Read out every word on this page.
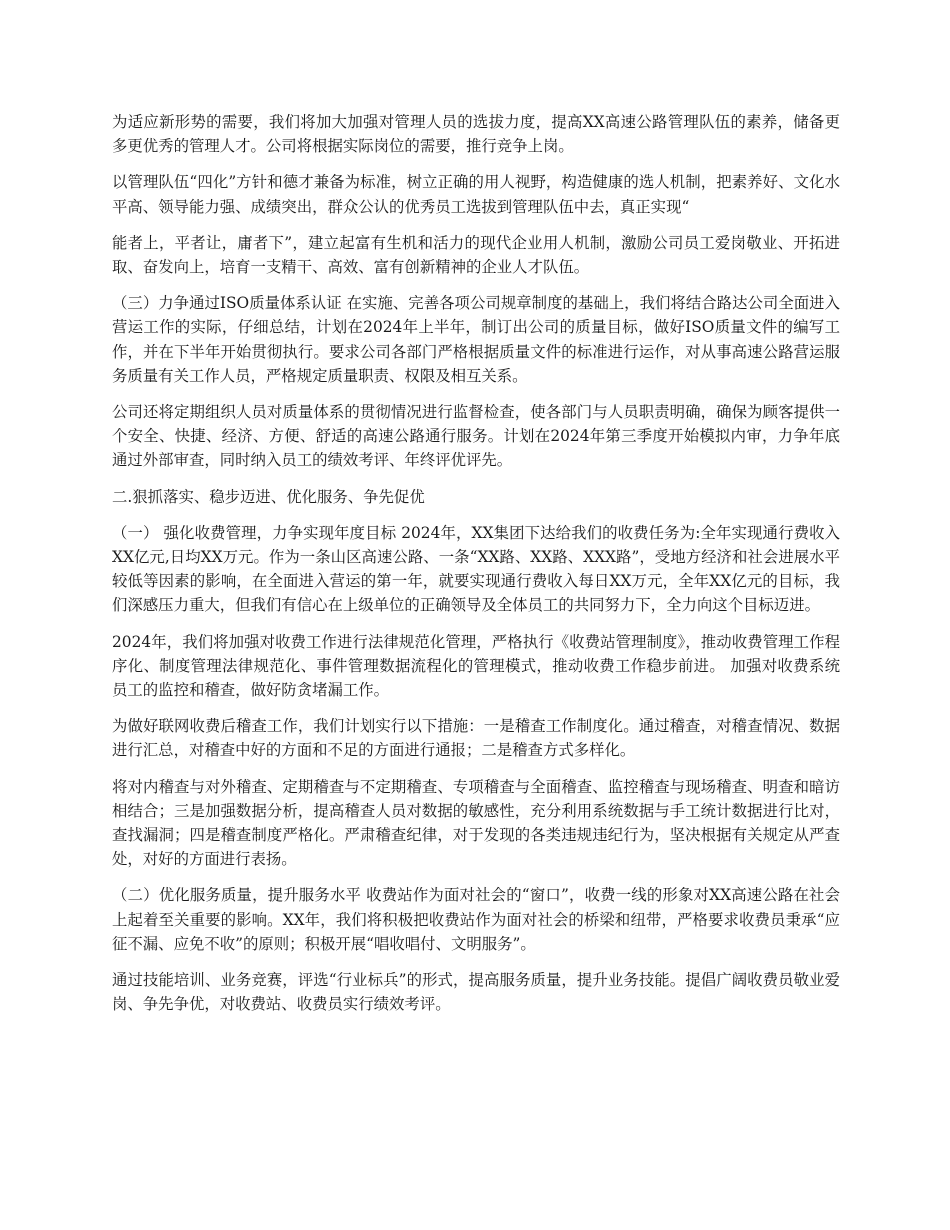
为适应新形势的需要，我们将加大加强对管理人员的选拔力度，提高XX高速公路管理队伍的素养，储备更多更优秀的管理人才。公司将根据实际岗位的需要，推行竞争上岗。

以管理队伍“四化”方针和德才兼备为标准，树立正确的用人视野，构造健康的选人机制，把素养好、文化水平高、领导能力强、成绩突出，群众公认的优秀员工选拔到管理队伍中去，真正实现“

能者上，平者让，庸者下”，建立起富有生机和活力的现代企业用人机制，激励公司员工爱岗敬业、开拓进取、奋发向上，培育一支精干、高效、富有创新精神的企业人才队伍。

（三）力争通过ISO质量体系认证 在实施、完善各项公司规章制度的基础上，我们将结合路达公司全面进入营运工作的实际，仔细总结，计划在2024年上半年，制订出公司的质量目标，做好ISO质量文件的编写工作，并在下半年开始贯彻执行。要求公司各部门严格根据质量文件的标准进行运作，对从事高速公路营运服务质量有关工作人员，严格规定质量职责、权限及相互关系。

公司还将定期组织人员对质量体系的贯彻情况进行监督检查，使各部门与人员职责明确，确保为顾客提供一个安全、快捷、经济、方便、舒适的高速公路通行服务。计划在2024年第三季度开始模拟内审，力争年底通过外部审查，同时纳入员工的绩效考评、年终评优评先。

二.狠抓落实、稳步迈进、优化服务、争先促优

（一） 强化收费管理，力争实现年度目标 2024年，XX集团下达给我们的收费任务为:全年实现通行费收入XX亿元,日均XX万元。作为一条山区高速公路、一条“XX路、XX路、XXX路”，受地方经济和社会进展水平较低等因素的影响，在全面进入营运的第一年，就要实现通行费收入每日XX万元，全年XX亿元的目标，我们深感压力重大，但我们有信心在上级单位的正确领导及全体员工的共同努力下，全力向这个目标迈进。

2024年，我们将加强对收费工作进行法律规范化管理，严格执行《收费站管理制度》，推动收费管理工作程序化、制度管理法律规范化、事件管理数据流程化的管理模式，推动收费工作稳步前进。 加强对收费系统员工的监控和稽查，做好防贪堵漏工作。

为做好联网收费后稽查工作，我们计划实行以下措施：一是稽查工作制度化。通过稽查，对稽查情况、数据进行汇总，对稽查中好的方面和不足的方面进行通报；二是稽查方式多样化。

将对内稽查与对外稽查、定期稽查与不定期稽查、专项稽查与全面稽查、监控稽查与现场稽查、明查和暗访相结合；三是加强数据分析，提高稽查人员对数据的敏感性，充分利用系统数据与手工统计数据进行比对，查找漏洞；四是稽查制度严格化。严肃稽查纪律，对于发现的各类违规违纪行为，坚决根据有关规定从严查处，对好的方面进行表扬。

（二）优化服务质量，提升服务水平 收费站作为面对社会的“窗口”，收费一线的形象对XX高速公路在社会上起着至关重要的影响。XX年，我们将积极把收费站作为面对社会的桥梁和纽带，严格要求收费员秉承“应征不漏、应免不收”的原则；积极开展“唱收唱付、文明服务”。

通过技能培训、业务竞赛，评选“行业标兵”的形式，提高服务质量，提升业务技能。提倡广阔收费员敬业爱岗、争先争优，对收费站、收费员实行绩效考评。
